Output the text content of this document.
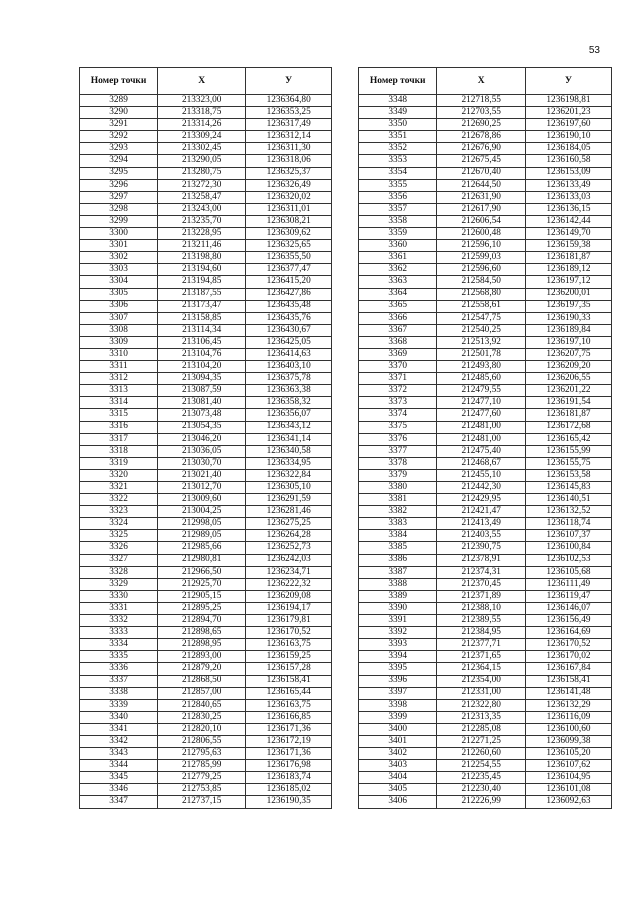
53
Номер точки	Х	У
3289	213323,00	1236364,80
3290	213318,75	1236353,25
3291	213314,26	1236317,49
3292	213309,24	1236312,14
3293	213302,45	1236311,30
3294	213290,05	1236318,06
3295	213280,75	1236325,37
3296	213272,30	1236326,49
3297	213258,47	1236320,02
3298	213243,00	1236311,01
3299	213235,70	1236308,21
3300	213228,95	1236309,62
3301	213211,46	1236325,65
3302	213198,80	1236355,50
3303	213194,60	1236377,47
3304	213194,85	1236415,20
3305	213187,55	1236427,86
3306	213173,47	1236435,48
3307	213158,85	1236435,76
3308	213114,34	1236430,67
3309	213106,45	1236425,05
3310	213104,76	1236414,63
3311	213104,20	1236403,10
3312	213094,35	1236375,78
3313	213087,59	1236363,38
3314	213081,40	1236358,32
3315	213073,48	1236356,07
3316	213054,35	1236343,12
3317	213046,20	1236341,14
3318	213036,05	1236340,58
3319	213030,70	1236334,95
3320	213021,40	1236322,84
3321	213012,70	1236305,10
3322	213009,60	1236291,59
3323	213004,25	1236281,46
3324	212998,05	1236275,25
3325	212989,05	1236264,28
3326	212985,66	1236252,73
3327	212980,81	1236242,03
3328	212966,50	1236234,71
3329	212925,70	1236222,32
3330	212905,15	1236209,08
3331	212895,25	1236194,17
3332	212894,70	1236179,81
3333	212898,65	1236170,52
3334	212898,95	1236163,75
3335	212893,00	1236159,25
3336	212879,20	1236157,28
3337	212868,50	1236158,41
3338	212857,00	1236165,44
3339	212840,65	1236163,75
3340	212830,25	1236166,85
3341	212820,10	1236171,36
3342	212806,55	1236172,19
3343	212795,63	1236171,36
3344	212785,99	1236176,98
3345	212779,25	1236183,74
3346	212753,85	1236185,02
3347	212737,15	1236190,35
Номер точки	Х	У
3348	212718,55	1236198,81
3349	212703,55	1236201,23
3350	212690,25	1236197,60
3351	212678,86	1236190,10
3352	212676,90	1236184,05
3353	212675,45	1236160,58
3354	212670,40	1236153,09
3355	212644,50	1236133,49
3356	212631,90	1236133,03
3357	212617,90	1236136,15
3358	212606,54	1236142,44
3359	212600,48	1236149,70
3360	212596,10	1236159,38
3361	212599,03	1236181,87
3362	212596,60	1236189,12
3363	212584,50	1236197,12
3364	212568,80	1236200,01
3365	212558,61	1236197,35
3366	212547,75	1236190,33
3367	212540,25	1236189,84
3368	212513,92	1236197,10
3369	212501,78	1236207,75
3370	212493,80	1236209,20
3371	212485,60	1236206,55
3372	212479,55	1236201,22
3373	212477,10	1236191,54
3374	212477,60	1236181,87
3375	212481,00	1236172,68
3376	212481,00	1236165,42
3377	212475,40	1236155,99
3378	212468,67	1236155,75
3379	212455,10	1236153,58
3380	212442,30	1236145,83
3381	212429,95	1236140,51
3382	212421,47	1236132,52
3383	212413,49	1236118,74
3384	212403,55	1236107,37
3385	212390,75	1236100,84
3386	212378,91	1236102,53
3387	212374,31	1236105,68
3388	212370,45	1236111,49
3389	212371,89	1236119,47
3390	212388,10	1236146,07
3391	212389,55	1236156,49
3392	212384,95	1236164,69
3393	212377,71	1236170,52
3394	212371,65	1236170,02
3395	212364,15	1236167,84
3396	212354,00	1236158,41
3397	212331,00	1236141,48
3398	212322,80	1236132,29
3399	212313,35	1236116,09
3400	212285,08	1236100,60
3401	212271,25	1236099,38
3402	212260,60	1236105,20
3403	212254,55	1236107,62
3404	212235,45	1236104,95
3405	212230,40	1236101,08
3406	212226,99	1236092,63
